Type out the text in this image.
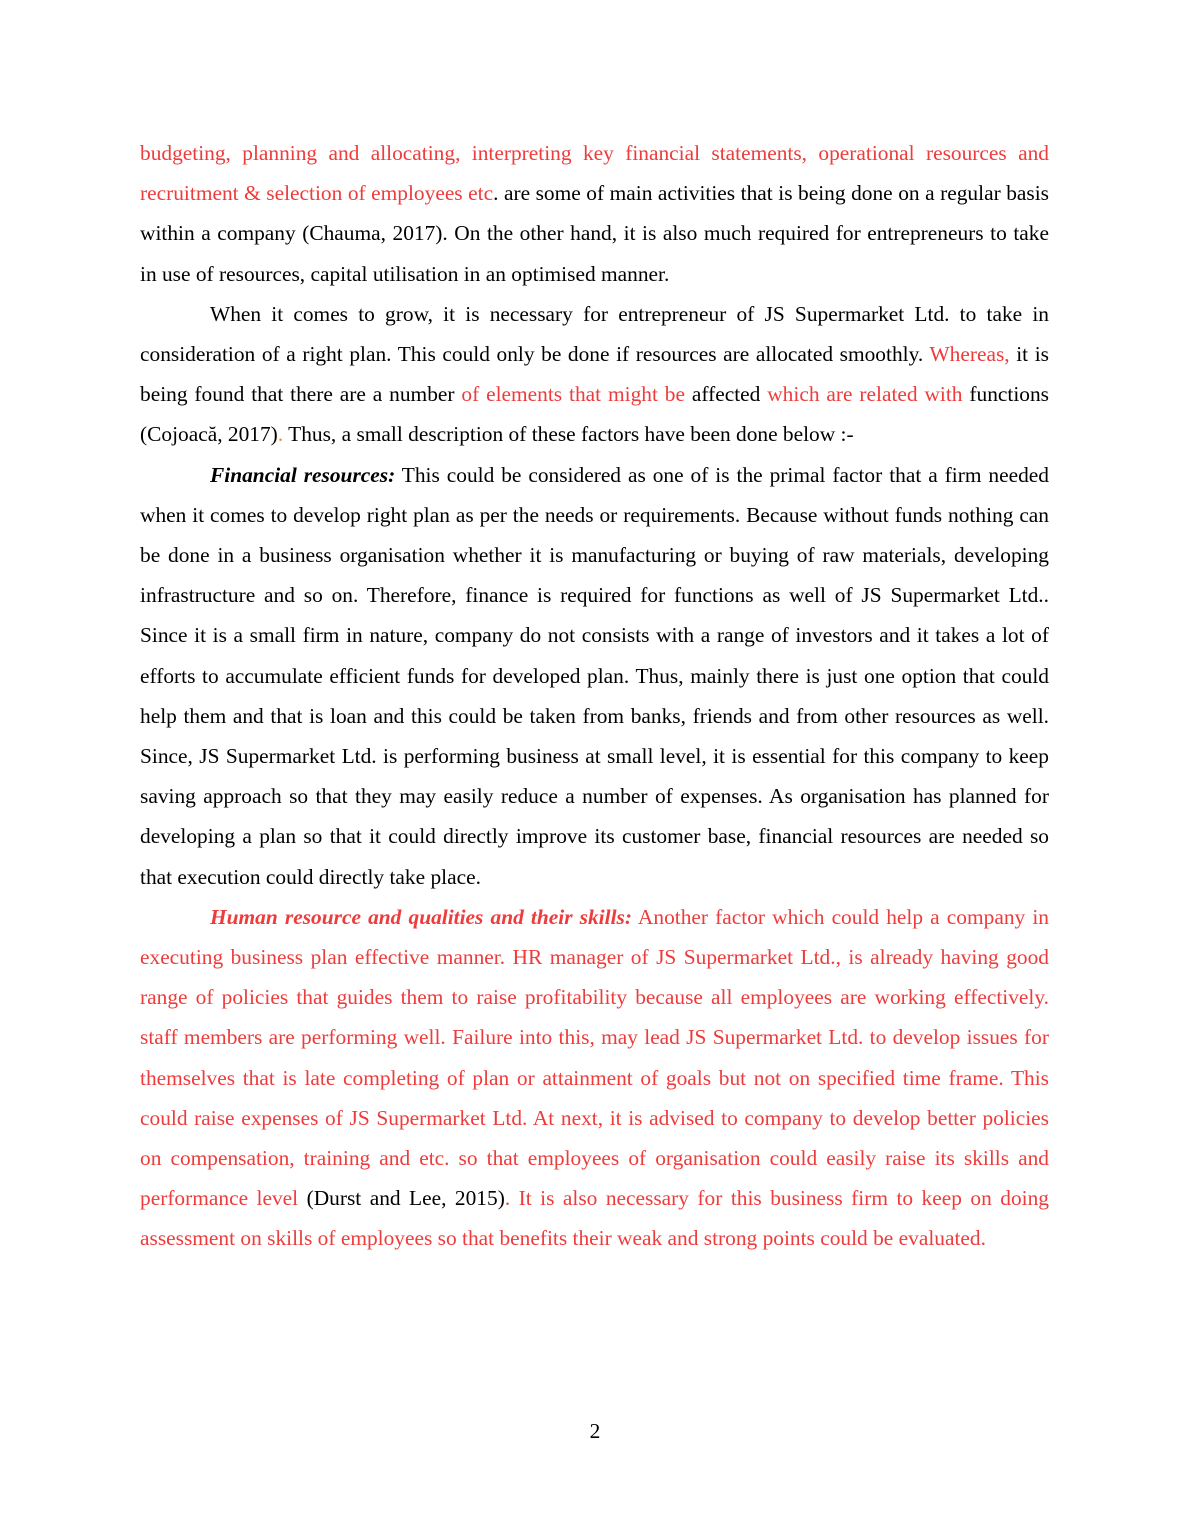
budgeting, planning and allocating, interpreting key financial statements, operational resources and recruitment & selection of employees etc. are some of main activities that is being done on a regular basis within a company (Chauma, 2017). On the other hand, it is also much required for entrepreneurs to take in use of resources, capital utilisation in an optimised manner.

When it comes to grow, it is necessary for entrepreneur of JS Supermarket Ltd. to take in consideration of a right plan. This could only be done if resources are allocated smoothly. Whereas, it is being found that there are a number of elements that might be affected which are related with functions (Cojoacă, 2017). Thus, a small description of these factors have been done below :-

Financial resources: This could be considered as one of is the primal factor that a firm needed when it comes to develop right plan as per the needs or requirements. Because without funds nothing can be done in a business organisation whether it is manufacturing or buying of raw materials, developing infrastructure and so on. Therefore, finance is required for functions as well of JS Supermarket Ltd.. Since it is a small firm in nature, company do not consists with a range of investors and it takes a lot of efforts to accumulate efficient funds for developed plan. Thus, mainly there is just one option that could help them and that is loan and this could be taken from banks, friends and from other resources as well. Since, JS Supermarket Ltd. is performing business at small level, it is essential for this company to keep saving approach so that they may easily reduce a number of expenses. As organisation has planned for developing a plan so that it could directly improve its customer base, financial resources are needed so that execution could directly take place.

Human resource and qualities and their skills: Another factor which could help a company in executing business plan effective manner. HR manager of JS Supermarket Ltd., is already having good range of policies that guides them to raise profitability because all employees are working effectively. staff members are performing well. Failure into this, may lead JS Supermarket Ltd. to develop issues for themselves that is late completing of plan or attainment of goals but not on specified time frame. This could raise expenses of JS Supermarket Ltd. At next, it is advised to company to develop better policies on compensation, training and etc. so that employees of organisation could easily raise its skills and performance level (Durst and Lee, 2015). It is also necessary for this business firm to keep on doing assessment on skills of employees so that benefits their weak and strong points could be evaluated.

2
